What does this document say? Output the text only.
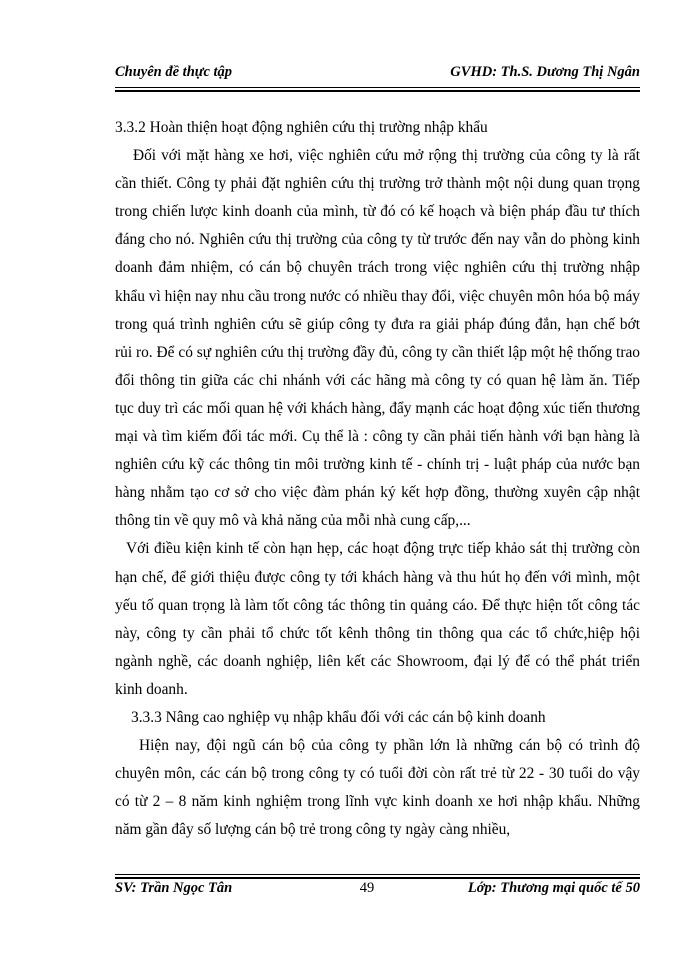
Chuyên đề thực tập	GVHD: Th.S. Dương Thị Ngân

3.3.2 Hoàn thiện hoạt động nghiên cứu thị trường nhập khẩu

Đối với mặt hàng xe hơi, việc nghiên cứu mở rộng thị trường của công ty là rất cần thiết. Công ty phải đặt nghiên cứu thị trường trở thành một nội dung quan trọng trong chiến lược kinh doanh của mình, từ đó có kế hoạch và biện pháp đầu tư thích đáng cho nó. Nghiên cứu thị trường của công ty từ trước đến nay vẫn do phòng kinh doanh đảm nhiệm, có cán bộ chuyên trách trong việc nghiên cứu thị trường nhập khẩu vì hiện nay nhu cầu trong nước có nhiều thay đổi, việc chuyên môn hóa bộ máy trong quá trình nghiên cứu sẽ giúp công ty đưa ra giải pháp đúng đắn, hạn chế bớt rủi ro. Để có sự nghiên cứu thị trường đầy đủ, công ty cần thiết lập một hệ thống trao đổi thông tin giữa các chi nhánh với các hãng mà công ty có quan hệ làm ăn. Tiếp tục duy trì các mối quan hệ với khách hàng, đẩy mạnh các hoạt động xúc tiến thương mại và tìm kiếm đối tác mới. Cụ thể là : công ty cần phải tiến hành với bạn hàng là nghiên cứu kỹ các thông tin môi trường kinh tế - chính trị - luật pháp của nước bạn hàng nhằm tạo cơ sở cho việc đàm phán ký kết hợp đồng, thường xuyên cập nhật thông tin về quy mô và khả năng của mỗi nhà cung cấp,...

Với điều kiện kinh tế còn hạn hẹp, các hoạt động trực tiếp khảo sát thị trường còn hạn chế, để giới thiệu được công ty tới khách hàng và thu hút họ đến với mình, một yếu tố quan trọng là làm tốt công tác thông tin quảng cáo. Để thực hiện tốt công tác này, công ty cần phải tổ chức tốt kênh thông tin thông qua các tổ chức,hiệp hội ngành nghề, các doanh nghiệp, liên kết các Showroom, đại lý để có thể phát triển kinh doanh.

3.3.3 Nâng cao nghiệp vụ nhập khẩu đối với các cán bộ kinh doanh

Hiện nay, đội ngũ cán bộ của công ty phần lớn là những cán bộ có trình độ chuyên môn, các cán bộ trong công ty có tuổi đời còn rất trẻ từ 22 - 30 tuổi do vậy có từ 2 – 8 năm kinh nghiệm trong lĩnh vực kinh doanh xe hơi nhập khẩu. Những năm gần đây số lượng cán bộ trẻ trong công ty ngày càng nhiều,

SV: Trần Ngọc Tân	49	Lớp: Thương mại quốc tế 50
